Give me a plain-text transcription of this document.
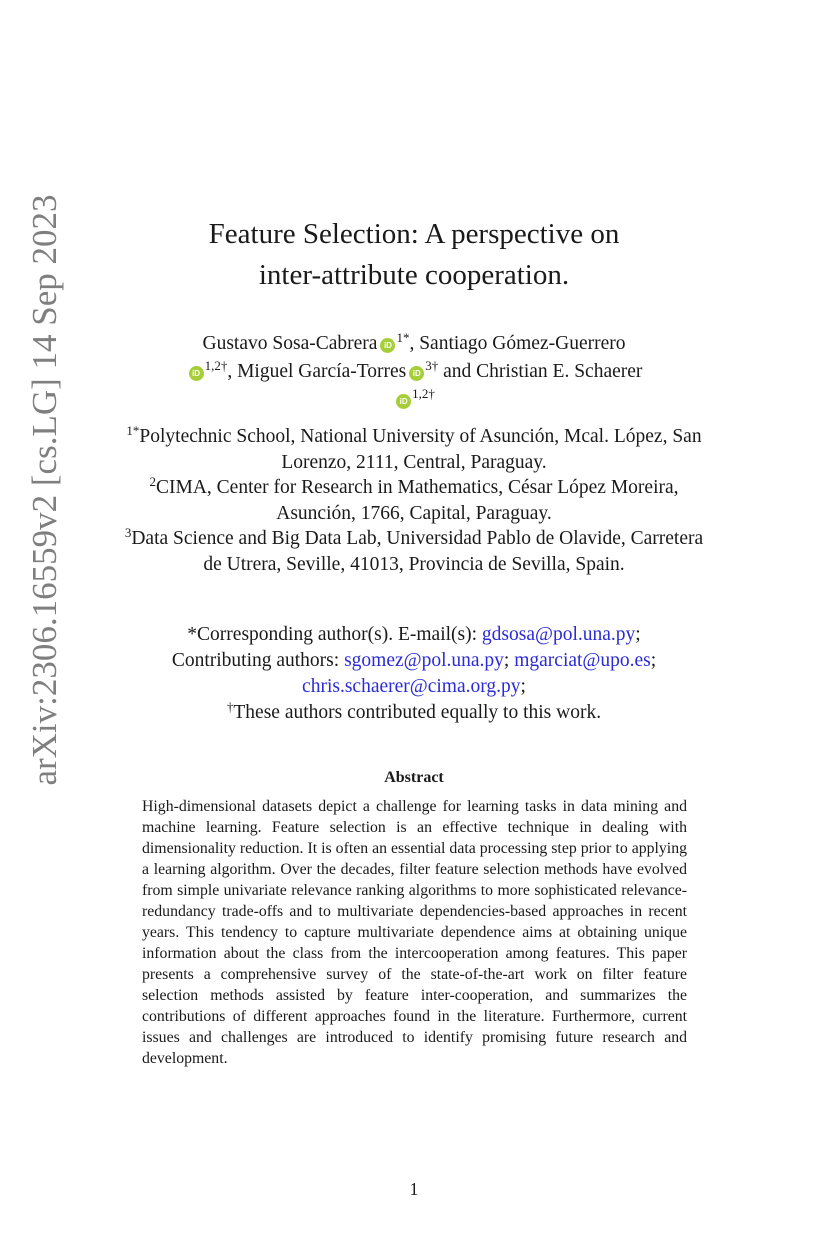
arXiv:2306.16559v2 [cs.LG] 14 Sep 2023	Feature Selection: A perspective on
inter-attribute cooperation.
Gustavo Sosa-Cabrera $iD^{1*}$, Santiago Gómez-Guerrero
$iD^{1,2\dagger}$, Miguel García-Torres $iD^{3\dagger}$ and Christian E. Schaerer
$iD^{1,2\dagger}$
$^{1*}$Polytechnic School, National University of Asunción, Mcal. López, San Lorenzo, 2111, Central, Paraguay.
$^2$CIMA, Center for Research in Mathematics, César López Moreira, Asunción, 1766, Capital, Paraguay.
$^3$Data Science and Big Data Lab, Universidad Pablo de Olavide, Carretera de Utrera, Seville, 41013, Provincia de Sevilla, Spain.
*Corresponding author(s). E-mail(s): gdsosa@pol.una.py;
Contributing authors: sgomez@pol.una.py; mgarciat@upo.es;
chris.schaerer@cima.org.py;
†These authors contributed equally to this work.
Abstract
High-dimensional datasets depict a challenge for learning tasks in data mining and machine learning. Feature selection is an effective technique in dealing with dimensionality reduction. It is often an essential data processing step prior to applying a learning algorithm. Over the decades, filter feature selection methods have evolved from simple univariate relevance ranking algorithms to more sophisticated relevance-redundancy trade-offs and to multivariate dependencies-based approaches in recent years. This tendency to capture multivariate dependence aims at obtaining unique information about the class from the intercooperation among features. This paper presents a comprehensive survey of the state-of-the-art work on filter feature selection methods assisted by feature inter-cooperation, and summarizes the contributions of different approaches found in the literature. Furthermore, current issues and challenges are introduced to identify promising future research and development.
1
